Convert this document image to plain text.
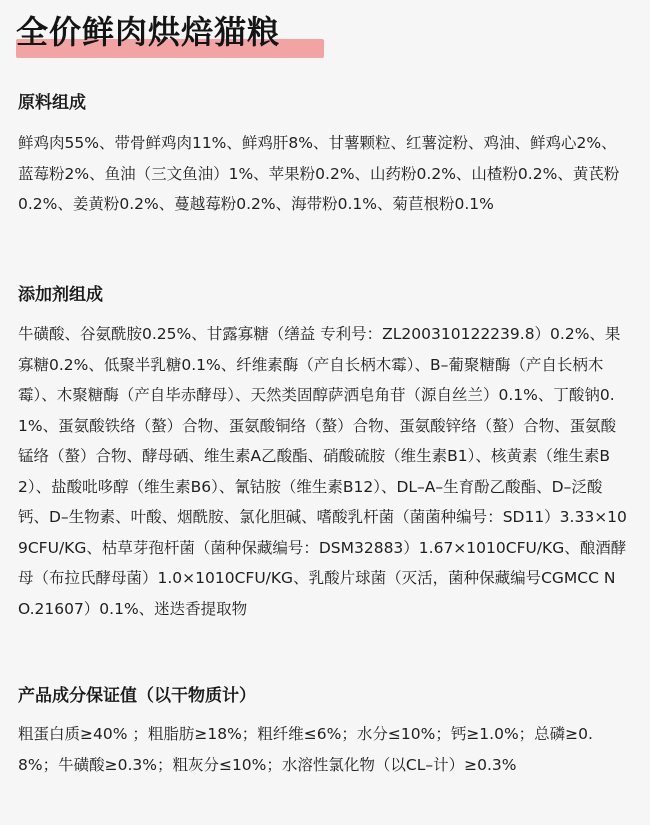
全价鲜肉烘焙猫粮
原料组成

鲜鸡肉55%、带骨鲜鸡肉11%、鲜鸡肝8%、甘薯颗粒、红薯淀粉、鸡油、鲜鸡心2%、蓝莓粉2%、鱼油（三文鱼油）1%、苹果粉0.2%、山药粉0.2%、山楂粉0.2%、黄芪粉0.2%、姜黄粉0.2%、蔓越莓粉0.2%、海带粉0.1%、菊苣根粉0.1%

添加剂组成

牛磺酸、谷氨酰胺0.25%、甘露寡糖（缮益 专利号：ZL200310122239.8）0.2%、果寡糖0.2%、低聚半乳糖0.1%、纤维素酶（产自长柄木霉）、B–葡聚糖酶（产自长柄木霉）、木聚糖酶（产自毕赤酵母）、天然类固醇萨洒皂角苷（源自丝兰）0.1%、丁酸钠0.1%、蛋氨酸铁络（螯）合物、蛋氨酸铜络（螯）合物、蛋氨酸锌络（螯）合物、蛋氨酸锰络（螯）合物、酵母硒、维生素A乙酸酯、硝酸硫胺（维生素B1）、核黄素（维生素B2）、盐酸吡哆醇（维生素B6）、氰钴胺（维生素B12）、DL–A–生育酚乙酸酯、D–泛酸钙、D–生物素、叶酸、烟酰胺、氯化胆碱、嗜酸乳杆菌（菌菌种编号：SD11）3.33×109CFU/KG、枯草芽孢杆菌（菌种保藏编号：DSM32883）1.67×1010CFU/KG、酿酒酵母（布拉氏酵母菌）1.0×1010CFU/KG、乳酸片球菌（灭活，菌种保藏编号CGMCC NO.21607）0.1%、迷迭香提取物

产品成分保证值（以干物质计）

粗蛋白质≥40% ；粗脂肪≥18%；粗纤维≤6%；水分≤10%；钙≥1.0%；总磷≥0.8%；牛磺酸≥0.3%；粗灰分≤10%；水溶性氯化物（以CL–计）≥0.3%
